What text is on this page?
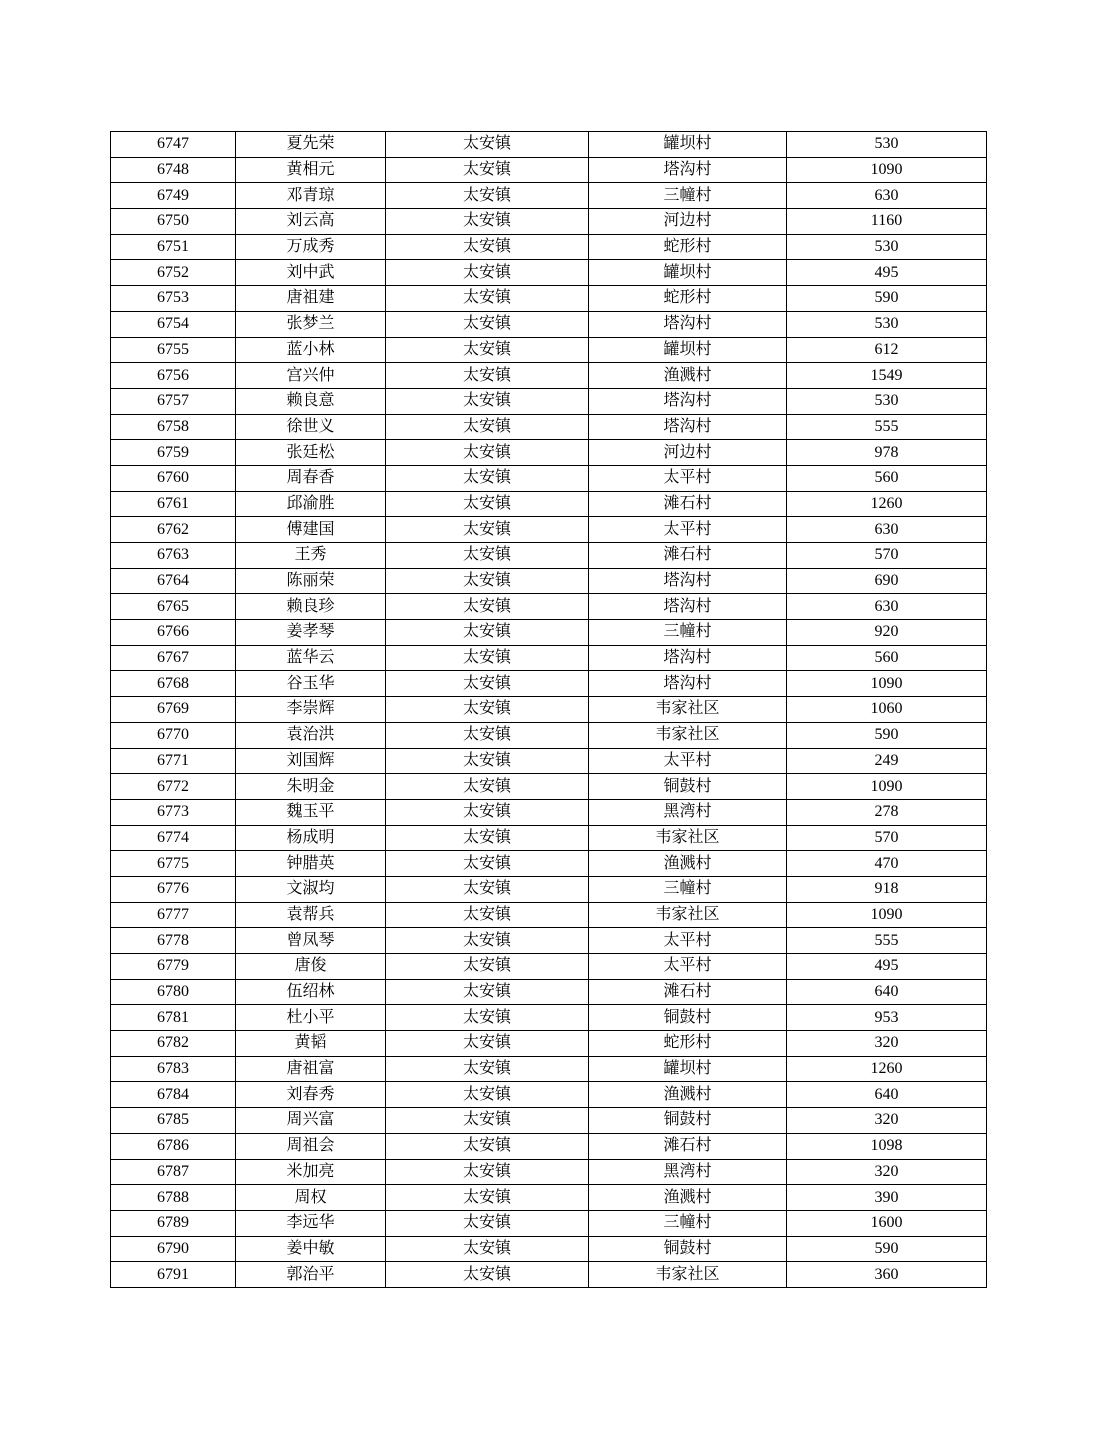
6747	夏先荣	太安镇	罐坝村	530
6748	黄相元	太安镇	塔沟村	1090
6749	邓青琼	太安镇	三幢村	630
6750	刘云高	太安镇	河边村	1160
6751	万成秀	太安镇	蛇形村	530
6752	刘中武	太安镇	罐坝村	495
6753	唐祖建	太安镇	蛇形村	590
6754	张梦兰	太安镇	塔沟村	530
6755	蓝小林	太安镇	罐坝村	612
6756	宫兴仲	太安镇	渔溅村	1549
6757	赖良意	太安镇	塔沟村	530
6758	徐世义	太安镇	塔沟村	555
6759	张廷松	太安镇	河边村	978
6760	周春香	太安镇	太平村	560
6761	邱渝胜	太安镇	滩石村	1260
6762	傅建国	太安镇	太平村	630
6763	王秀	太安镇	滩石村	570
6764	陈丽荣	太安镇	塔沟村	690
6765	赖良珍	太安镇	塔沟村	630
6766	姜孝琴	太安镇	三幢村	920
6767	蓝华云	太安镇	塔沟村	560
6768	谷玉华	太安镇	塔沟村	1090
6769	李崇辉	太安镇	韦家社区	1060
6770	袁治洪	太安镇	韦家社区	590
6771	刘国辉	太安镇	太平村	249
6772	朱明金	太安镇	铜鼓村	1090
6773	魏玉平	太安镇	黑湾村	278
6774	杨成明	太安镇	韦家社区	570
6775	钟腊英	太安镇	渔溅村	470
6776	文淑均	太安镇	三幢村	918
6777	袁帮兵	太安镇	韦家社区	1090
6778	曾凤琴	太安镇	太平村	555
6779	唐俊	太安镇	太平村	495
6780	伍绍林	太安镇	滩石村	640
6781	杜小平	太安镇	铜鼓村	953
6782	黄韬	太安镇	蛇形村	320
6783	唐祖富	太安镇	罐坝村	1260
6784	刘春秀	太安镇	渔溅村	640
6785	周兴富	太安镇	铜鼓村	320
6786	周祖会	太安镇	滩石村	1098
6787	米加亮	太安镇	黑湾村	320
6788	周权	太安镇	渔溅村	390
6789	李远华	太安镇	三幢村	1600
6790	姜中敏	太安镇	铜鼓村	590
6791	郭治平	太安镇	韦家社区	360
